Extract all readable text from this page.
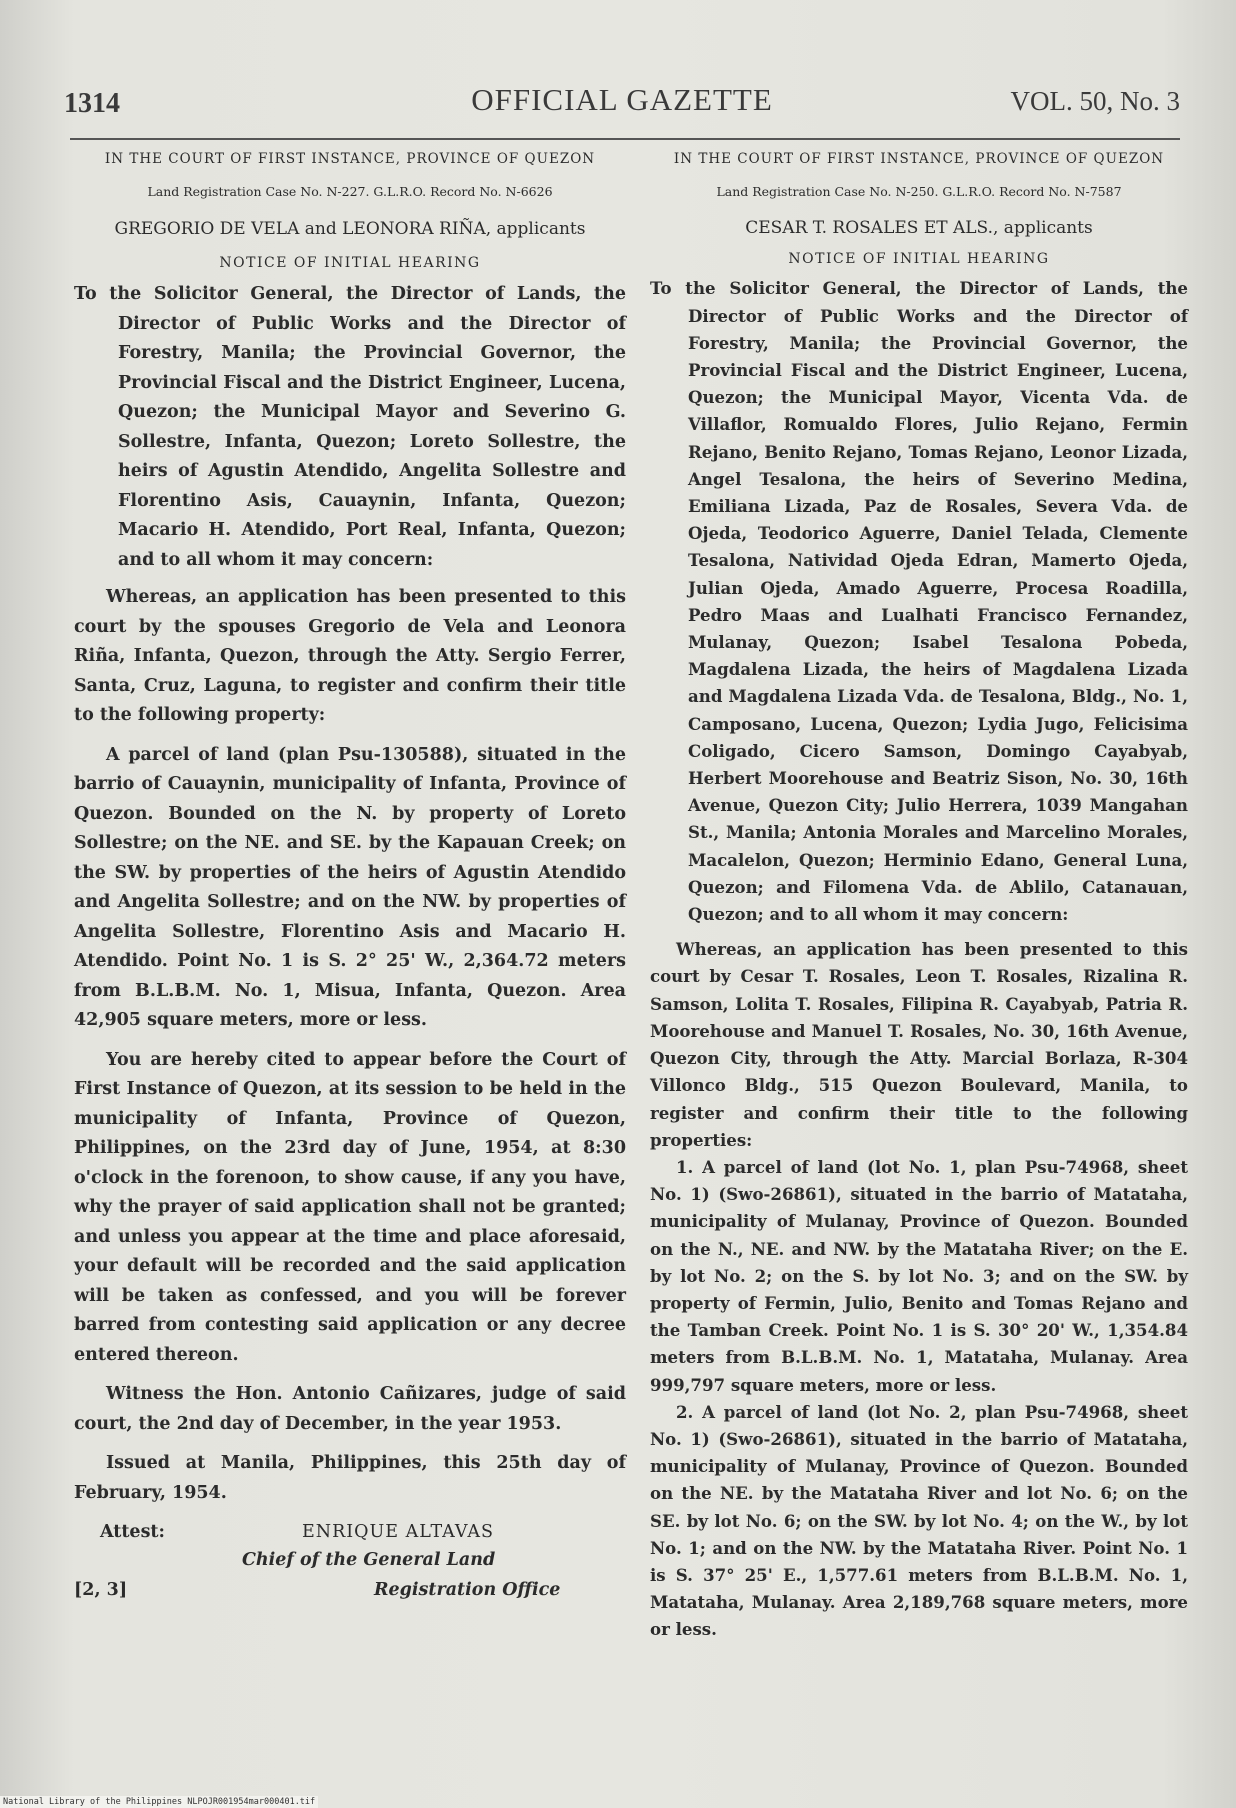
1314	OFFICIAL GAZETTE	VOL. 50, No. 3
IN THE COURT OF FIRST INSTANCE, PROVINCE OF QUEZON
Land Registration Case No. N-227. G.L.R.O. Record No. N-6626
GREGORIO DE VELA and LEONORA RIÑA, applicants
NOTICE OF INITIAL HEARING
To the Solicitor General, the Director of Lands, the Director of Public Works and the Director of Forestry, Manila; the Provincial Governor, the Provincial Fiscal and the District Engineer, Lucena, Quezon; the Municipal Mayor and Severino G. Sollestre, Infanta, Quezon; Loreto Sollestre, the heirs of Agustin Atendido, Angelita Sollestre and Florentino Asis, Cauaynin, Infanta, Quezon; Macario H. Atendido, Port Real, Infanta, Quezon; and to all whom it may concern:
Whereas, an application has been presented to this court by the spouses Gregorio de Vela and Leonora Riña, Infanta, Quezon, through the Atty. Sergio Ferrer, Santa, Cruz, Laguna, to register and confirm their title to the following property:
A parcel of land (plan Psu-130588), situated in the barrio of Cauaynin, municipality of Infanta, Province of Quezon. Bounded on the N. by property of Loreto Sollestre; on the NE. and SE. by the Kapauan Creek; on the SW. by properties of the heirs of Agustin Atendido and Angelita Sollestre; and on the NW. by properties of Angelita Sollestre, Florentino Asis and Macario H. Atendido. Point No. 1 is S. 2° 25' W., 2,364.72 meters from B.L.B.M. No. 1, Misua, Infanta, Quezon. Area 42,905 square meters, more or less.
You are hereby cited to appear before the Court of First Instance of Quezon, at its session to be held in the municipality of Infanta, Province of Quezon, Philippines, on the 23rd day of June, 1954, at 8:30 o'clock in the forenoon, to show cause, if any you have, why the prayer of said application shall not be granted; and unless you appear at the time and place aforesaid, your default will be recorded and the said application will be taken as confessed, and you will be forever barred from contesting said application or any decree entered thereon.
Witness the Hon. Antonio Cañizares, judge of said court, the 2nd day of December, in the year 1953.
Issued at Manila, Philippines, this 25th day of February, 1954.
Attest:	ENRIQUE ALTAVAS
Chief of the General Land
[2, 3]	Registration Office
IN THE COURT OF FIRST INSTANCE, PROVINCE OF QUEZON
Land Registration Case No. N-250. G.L.R.O. Record No. N-7587
CESAR T. ROSALES ET ALS., applicants
NOTICE OF INITIAL HEARING
To the Solicitor General, the Director of Lands, the Director of Public Works and the Director of Forestry, Manila; the Provincial Governor, the Provincial Fiscal and the District Engineer, Lucena, Quezon; the Municipal Mayor, Vicenta Vda. de Villaflor, Romualdo Flores, Julio Rejano, Fermin Rejano, Benito Rejano, Tomas Rejano, Leonor Lizada, Angel Tesalona, the heirs of Severino Medina, Emiliana Lizada, Paz de Rosales, Severa Vda. de Ojeda, Teodorico Aguerre, Daniel Telada, Clemente Tesalona, Natividad Ojeda Edran, Mamerto Ojeda, Julian Ojeda, Amado Aguerre, Procesa Roadilla, Pedro Maas and Lualhati Francisco Fernandez, Mulanay, Quezon; Isabel Tesalona Pobeda, Magdalena Lizada, the heirs of Magdalena Lizada and Magdalena Lizada Vda. de Tesalona, Bldg., No. 1, Camposano, Lucena, Quezon; Lydia Jugo, Felicisima Coligado, Cicero Samson, Domingo Cayabyab, Herbert Moorehouse and Beatriz Sison, No. 30, 16th Avenue, Quezon City; Julio Herrera, 1039 Mangahan St., Manila; Antonia Morales and Marcelino Morales, Macalelon, Quezon; Herminio Edano, General Luna, Quezon; and Filomena Vda. de Ablilo, Catanauan, Quezon; and to all whom it may concern:
Whereas, an application has been presented to this court by Cesar T. Rosales, Leon T. Rosales, Rizalina R. Samson, Lolita T. Rosales, Filipina R. Cayabyab, Patria R. Moorehouse and Manuel T. Rosales, No. 30, 16th Avenue, Quezon City, through the Atty. Marcial Borlaza, R-304 Villonco Bldg., 515 Quezon Boulevard, Manila, to register and confirm their title to the following properties:
1. A parcel of land (lot No. 1, plan Psu-74968, sheet No. 1) (Swo-26861), situated in the barrio of Matataha, municipality of Mulanay, Province of Quezon. Bounded on the N., NE. and NW. by the Matataha River; on the E. by lot No. 2; on the S. by lot No. 3; and on the SW. by property of Fermin, Julio, Benito and Tomas Rejano and the Tamban Creek. Point No. 1 is S. 30° 20' W., 1,354.84 meters from B.L.B.M. No. 1, Matataha, Mulanay. Area 999,797 square meters, more or less.
2. A parcel of land (lot No. 2, plan Psu-74968, sheet No. 1) (Swo-26861), situated in the barrio of Matataha, municipality of Mulanay, Province of Quezon. Bounded on the NE. by the Matataha River and lot No. 6; on the SE. by lot No. 6; on the SW. by lot No. 4; on the W., by lot No. 1; and on the NW. by the Matataha River. Point No. 1 is S. 37° 25' E., 1,577.61 meters from B.L.B.M. No. 1, Matataha, Mulanay. Area 2,189,768 square meters, more or less.
National Library of the Philippines NLPOJR001954mar000401.tif
